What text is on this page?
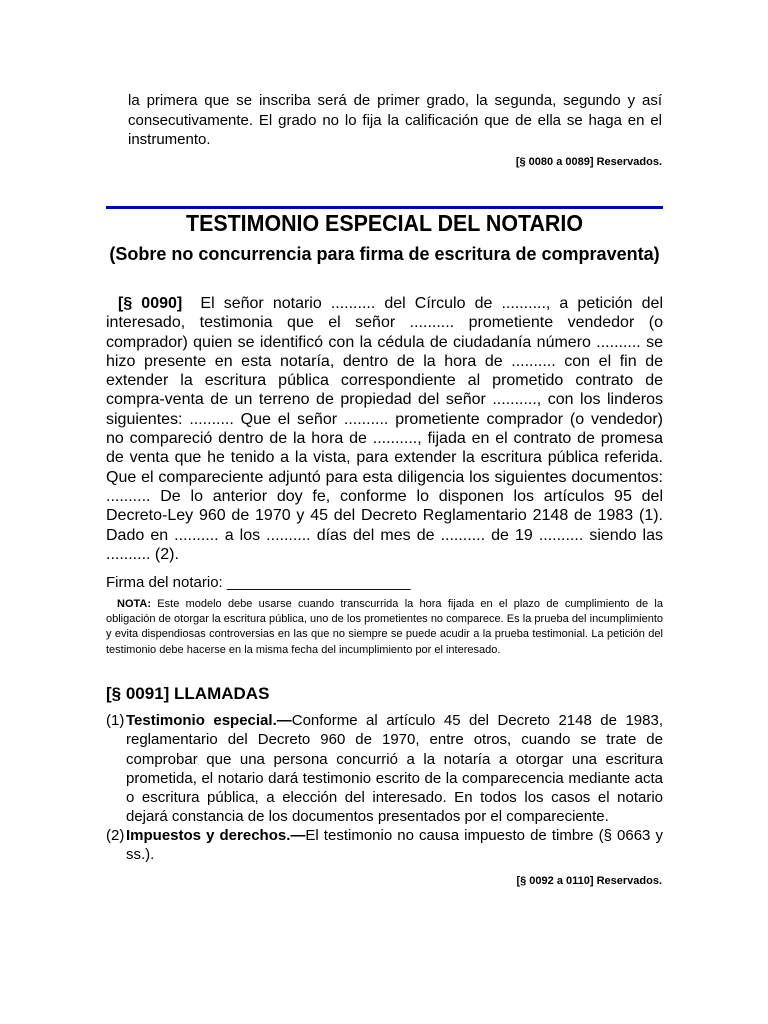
la primera que se inscriba será de primer grado, la segunda, segundo y así consecutivamente. El grado no lo fija la calificación que de ella se haga en el instrumento.
[§ 0080 a 0089] Reservados.
TESTIMONIO ESPECIAL DEL NOTARIO
(Sobre no concurrencia para firma de escritura de compraventa)
[§ 0090] El señor notario .......... del Círculo de .........., a petición del interesado, testimonia que el señor .......... prometiente vendedor (o comprador) quien se identificó con la cédula de ciudadanía número .......... se hizo presente en esta notaría, dentro de la hora de .......... con el fin de extender la escritura pública correspondiente al prometido contrato de compra-venta de un terreno de propiedad del señor .........., con los linderos siguientes: .......... Que el señor .......... prometiente comprador (o vendedor) no compareció dentro de la hora de .........., fijada en el contrato de promesa de venta que he tenido a la vista, para extender la escritura pública referida. Que el compareciente adjuntó para esta diligencia los siguientes documentos: .......... De lo anterior doy fe, conforme lo disponen los artículos 95 del Decreto-Ley 960 de 1970 y 45 del Decreto Reglamentario 2148 de 1983 (1). Dado en .......... a los .......... días del mes de .......... de 19 .......... siendo las .......... (2).
Firma del notario: ______________________
NOTA: Este modelo debe usarse cuando transcurrida la hora fijada en el plazo de cumplimiento de la obligación de otorgar la escritura pública, uno de los prometientes no comparece. Es la prueba del incumplimiento y evita dispendiosas controversias en las que no siempre se puede acudir a la prueba testimonial. La petición del testimonio debe hacerse en la misma fecha del incumplimiento por el interesado.
[§ 0091] LLAMADAS
(1) Testimonio especial.—Conforme al artículo 45 del Decreto 2148 de 1983, reglamentario del Decreto 960 de 1970, entre otros, cuando se trate de comprobar que una persona concurrió a la notaría a otorgar una escritura prometida, el notario dará testimonio escrito de la comparecencia mediante acta o escritura pública, a elección del interesado. En todos los casos el notario dejará constancia de los documentos presentados por el compareciente.
(2) Impuestos y derechos.—El testimonio no causa impuesto de timbre (§ 0663 y ss.).
[§ 0092 a 0110] Reservados.
